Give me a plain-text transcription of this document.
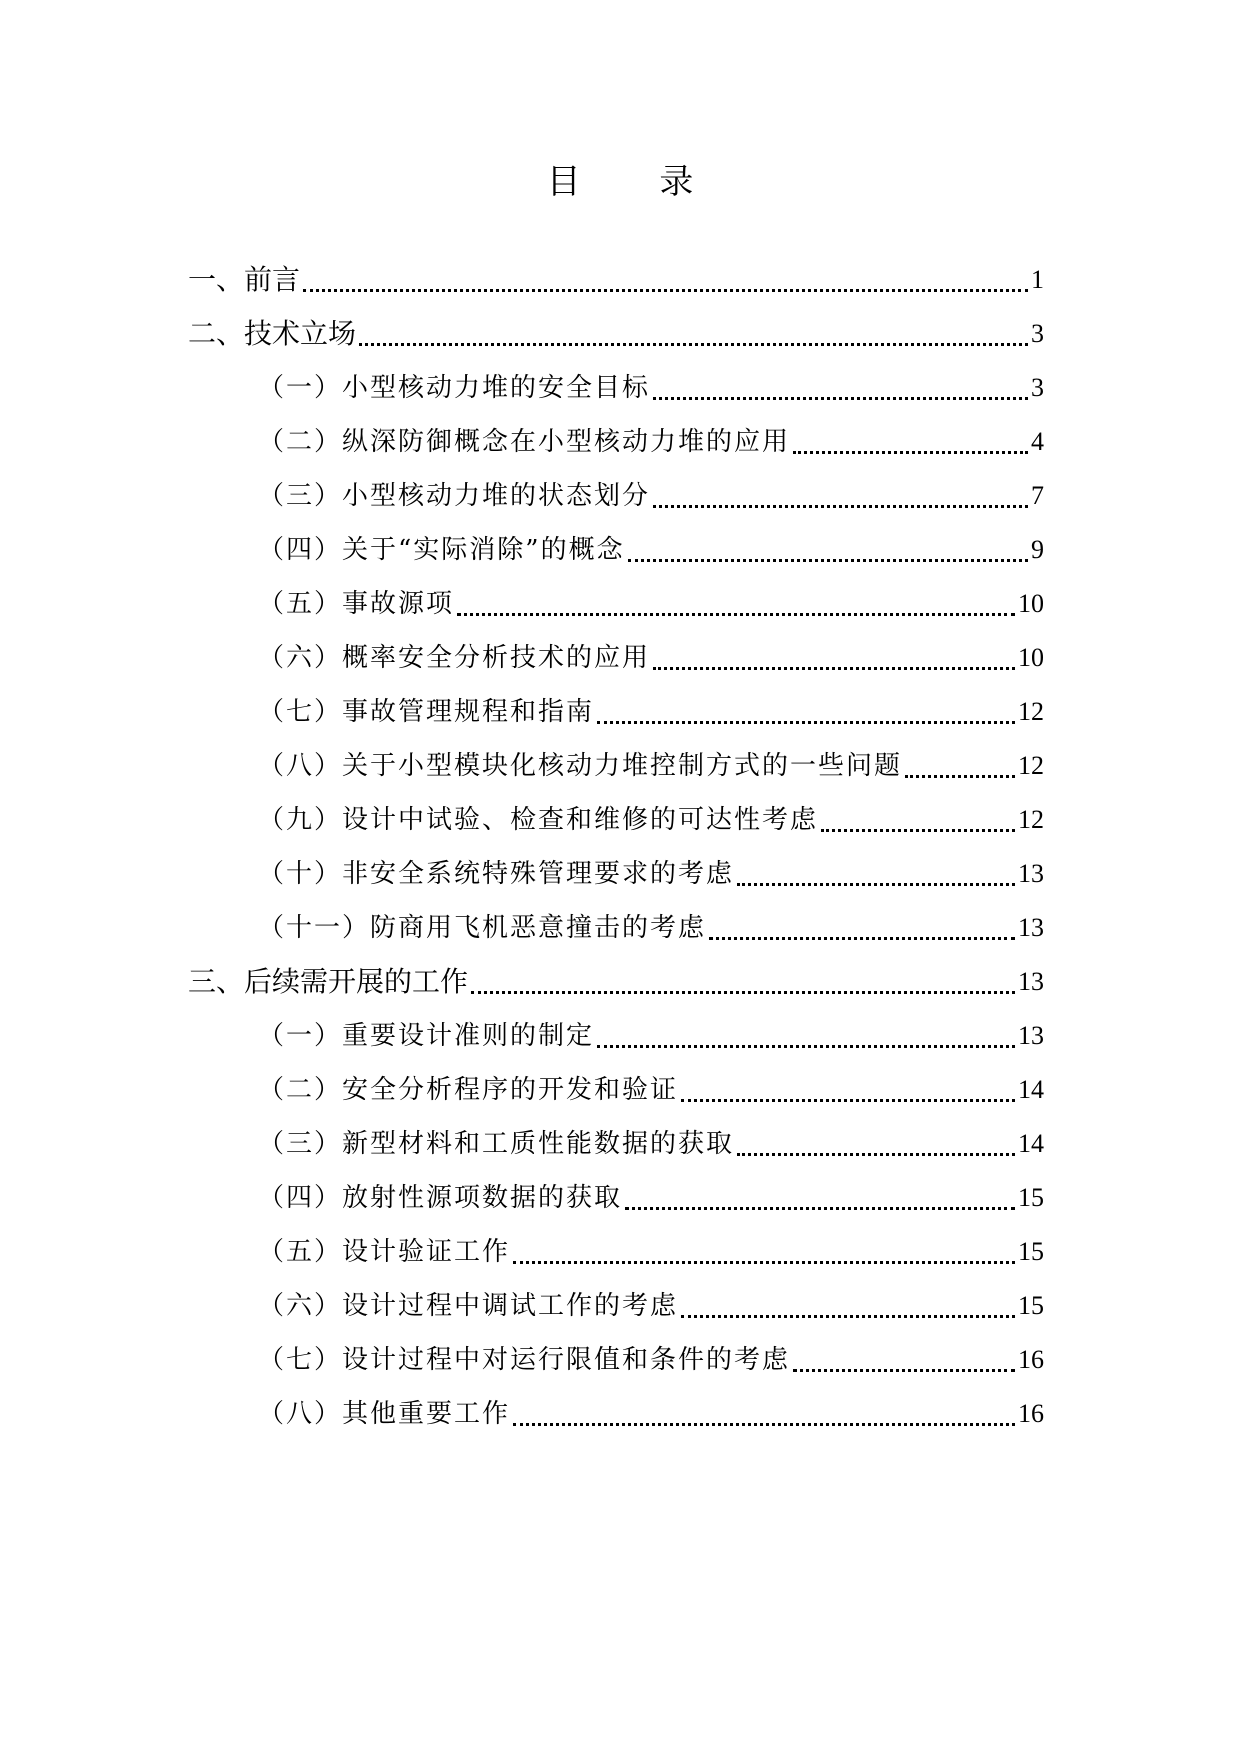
目 录
一、前言	1
二、技术立场	3
（一）小型核动力堆的安全目标	3
（二）纵深防御概念在小型核动力堆的应用	4
（三）小型核动力堆的状态划分	7
（四）关于“实际消除”的概念	9
（五）事故源项	10
（六）概率安全分析技术的应用	10
（七）事故管理规程和指南	12
（八）关于小型模块化核动力堆控制方式的一些问题	12
（九）设计中试验、检查和维修的可达性考虑	12
（十）非安全系统特殊管理要求的考虑	13
（十一）防商用飞机恶意撞击的考虑	13
三、后续需开展的工作	13
（一）重要设计准则的制定	13
（二）安全分析程序的开发和验证	14
（三）新型材料和工质性能数据的获取	14
（四）放射性源项数据的获取	15
（五）设计验证工作	15
（六）设计过程中调试工作的考虑	15
（七）设计过程中对运行限值和条件的考虑	16
（八）其他重要工作	16
